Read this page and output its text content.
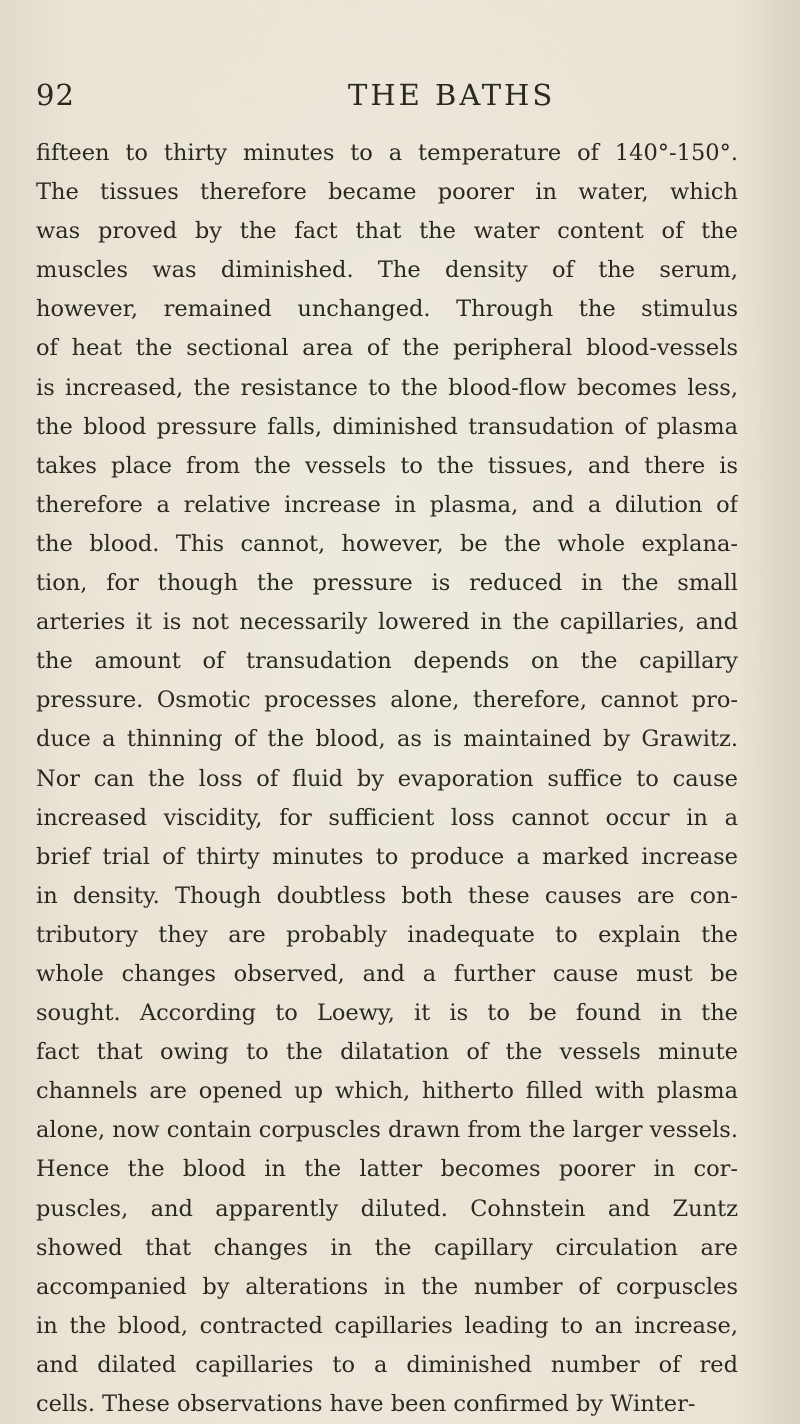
92	THE BATHS
fifteen to thirty minutes to a temperature of 140°-150°.
The tissues therefore became poorer in water, which
was proved by the fact that the water content of the
muscles was diminished. The density of the serum,
however, remained unchanged. Through the stimulus
of heat the sectional area of the peripheral blood-vessels
is increased, the resistance to the blood-flow becomes less,
the blood pressure falls, diminished transudation of plasma
takes place from the vessels to the tissues, and there is
therefore a relative increase in plasma, and a dilution of
the blood. This cannot, however, be the whole explana-
tion, for though the pressure is reduced in the small
arteries it is not necessarily lowered in the capillaries, and
the amount of transudation depends on the capillary
pressure. Osmotic processes alone, therefore, cannot pro-
duce a thinning of the blood, as is maintained by Grawitz.
Nor can the loss of fluid by evaporation suffice to cause
increased viscidity, for sufficient loss cannot occur in a
brief trial of thirty minutes to produce a marked increase
in density. Though doubtless both these causes are con-
tributory they are probably inadequate to explain the
whole changes observed, and a further cause must be
sought. According to Loewy, it is to be found in the
fact that owing to the dilatation of the vessels minute
channels are opened up which, hitherto filled with plasma
alone, now contain corpuscles drawn from the larger vessels.
Hence the blood in the latter becomes poorer in cor-
puscles, and apparently diluted. Cohnstein and Zuntz
showed that changes in the capillary circulation are
accompanied by alterations in the number of corpuscles
in the blood, contracted capillaries leading to an increase,
and dilated capillaries to a diminished number of red
cells. These observations have been confirmed by Winter-
